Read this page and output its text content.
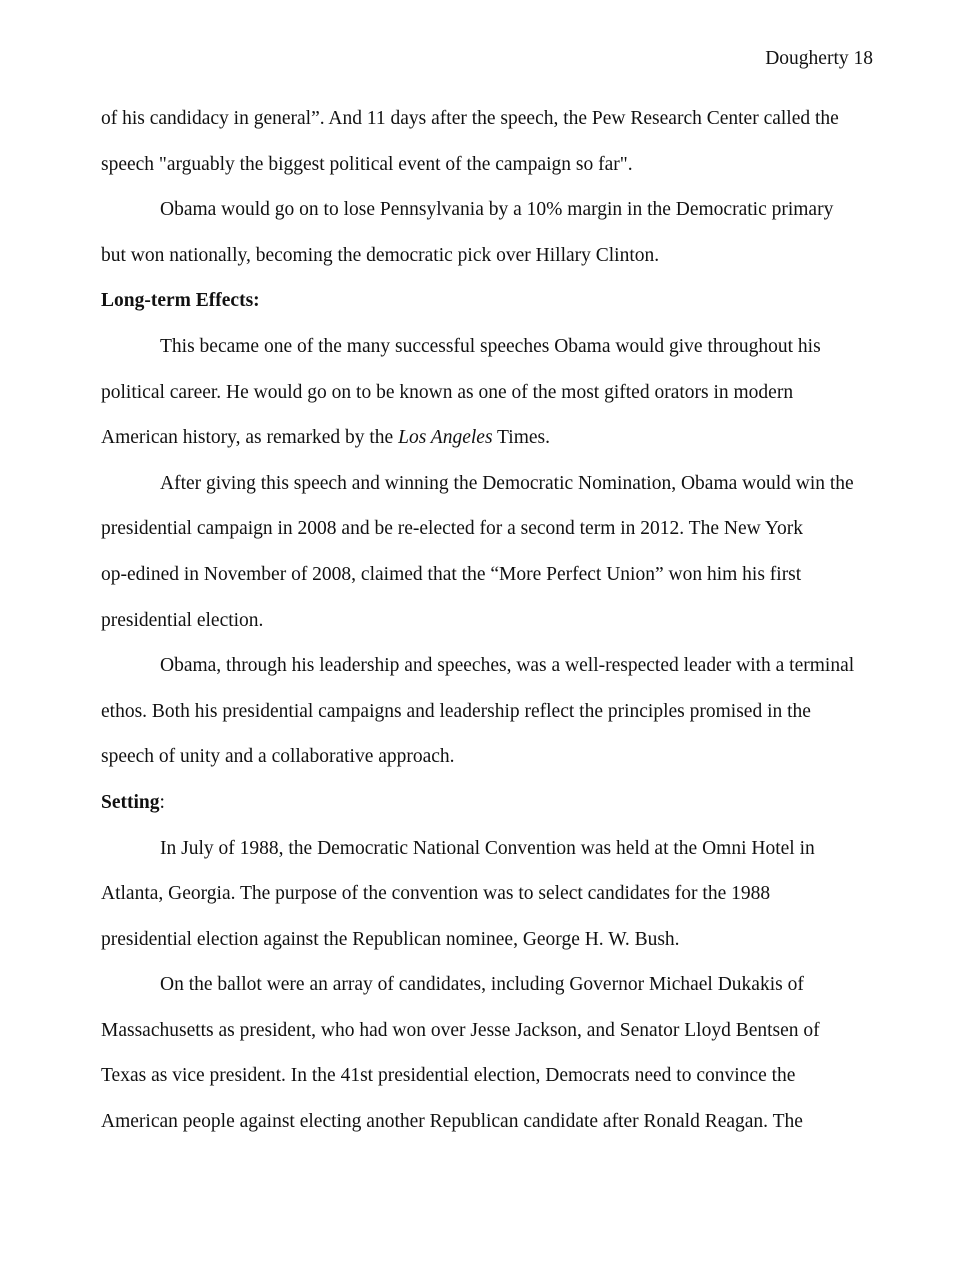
Dougherty 18

of his candidacy in general”. And 11 days after the speech, the Pew Research Center called the
speech "arguably the biggest political event of the campaign so far".

Obama would go on to lose Pennsylvania by a 10% margin in the Democratic primary
but won nationally, becoming the democratic pick over Hillary Clinton.

Long-term Effects:

This became one of the many successful speeches Obama would give throughout his
political career. He would go on to be known as one of the most gifted orators in modern
American history, as remarked by the Los Angeles Times.

After giving this speech and winning the Democratic Nomination, Obama would win the
presidential campaign in 2008 and be re-elected for a second term in 2012. The New York
op-edined in November of 2008, claimed that the “More Perfect Union” won him his first
presidential election.

Obama, through his leadership and speeches, was a well-respected leader with a terminal
ethos. Both his presidential campaigns and leadership reflect the principles promised in the
speech of unity and a collaborative approach.

Setting:

In July of 1988, the Democratic National Convention was held at the Omni Hotel in
Atlanta, Georgia. The purpose of the convention was to select candidates for the 1988
presidential election against the Republican nominee, George H. W. Bush.

On the ballot were an array of candidates, including Governor Michael Dukakis of
Massachusetts as president, who had won over Jesse Jackson, and Senator Lloyd Bentsen of
Texas as vice president. In the 41st presidential election, Democrats need to convince the
American people against electing another Republican candidate after Ronald Reagan. The
